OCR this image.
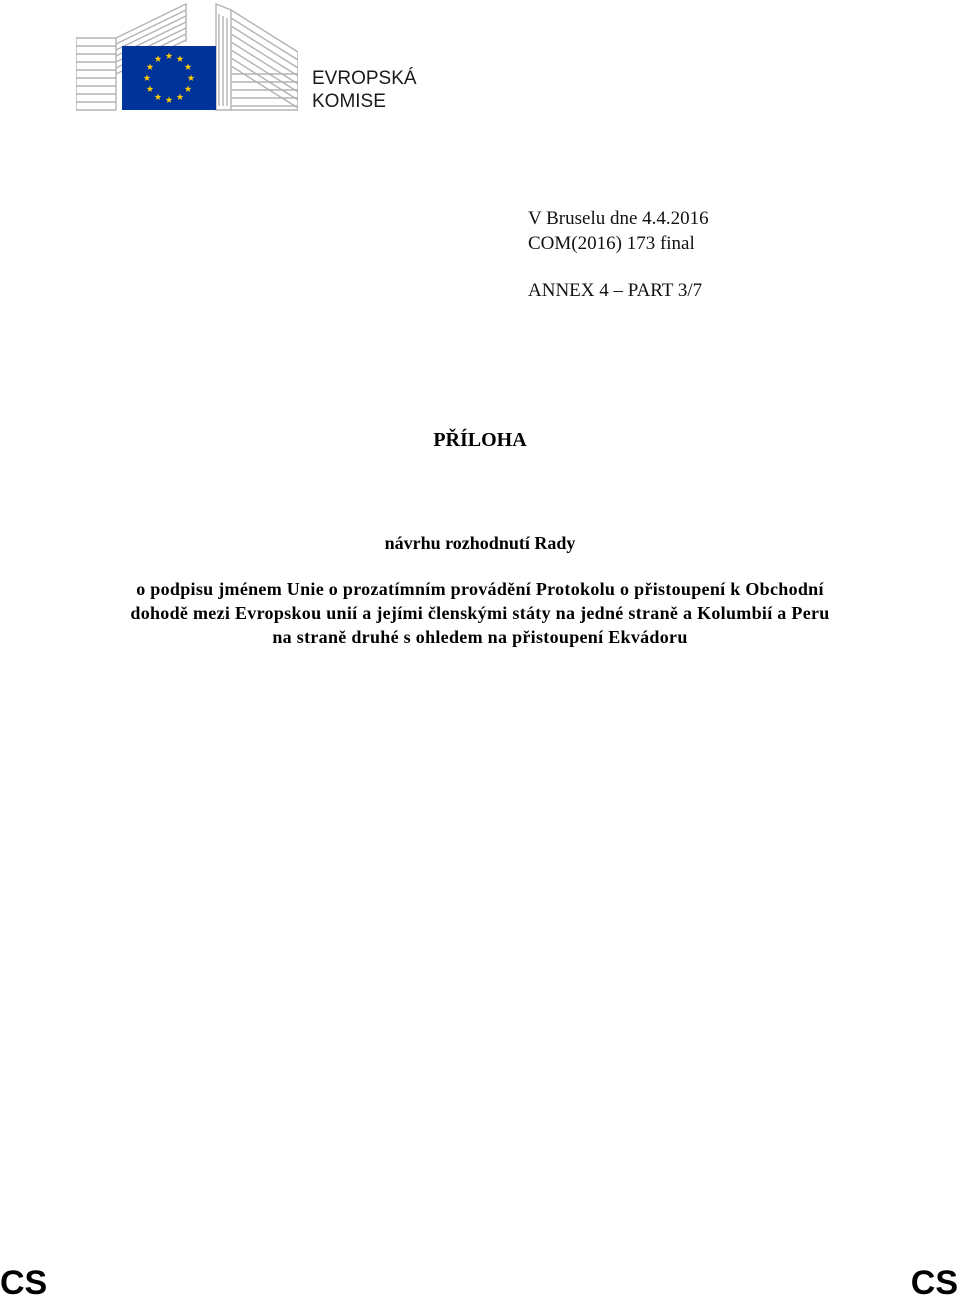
EVROPSKÁ
KOMISE
V Bruselu dne 4.4.2016
COM(2016) 173 final
ANNEX 4 – PART 3/7
PŘÍLOHA
návrhu rozhodnutí Rady
o podpisu jménem Unie o prozatímním provádění Protokolu o přistoupení k Obchodní
dohodě mezi Evropskou unií a jejími členskými státy na jedné straně a Kolumbií a Peru
na straně druhé s ohledem na přistoupení Ekvádoru
CS	CS
